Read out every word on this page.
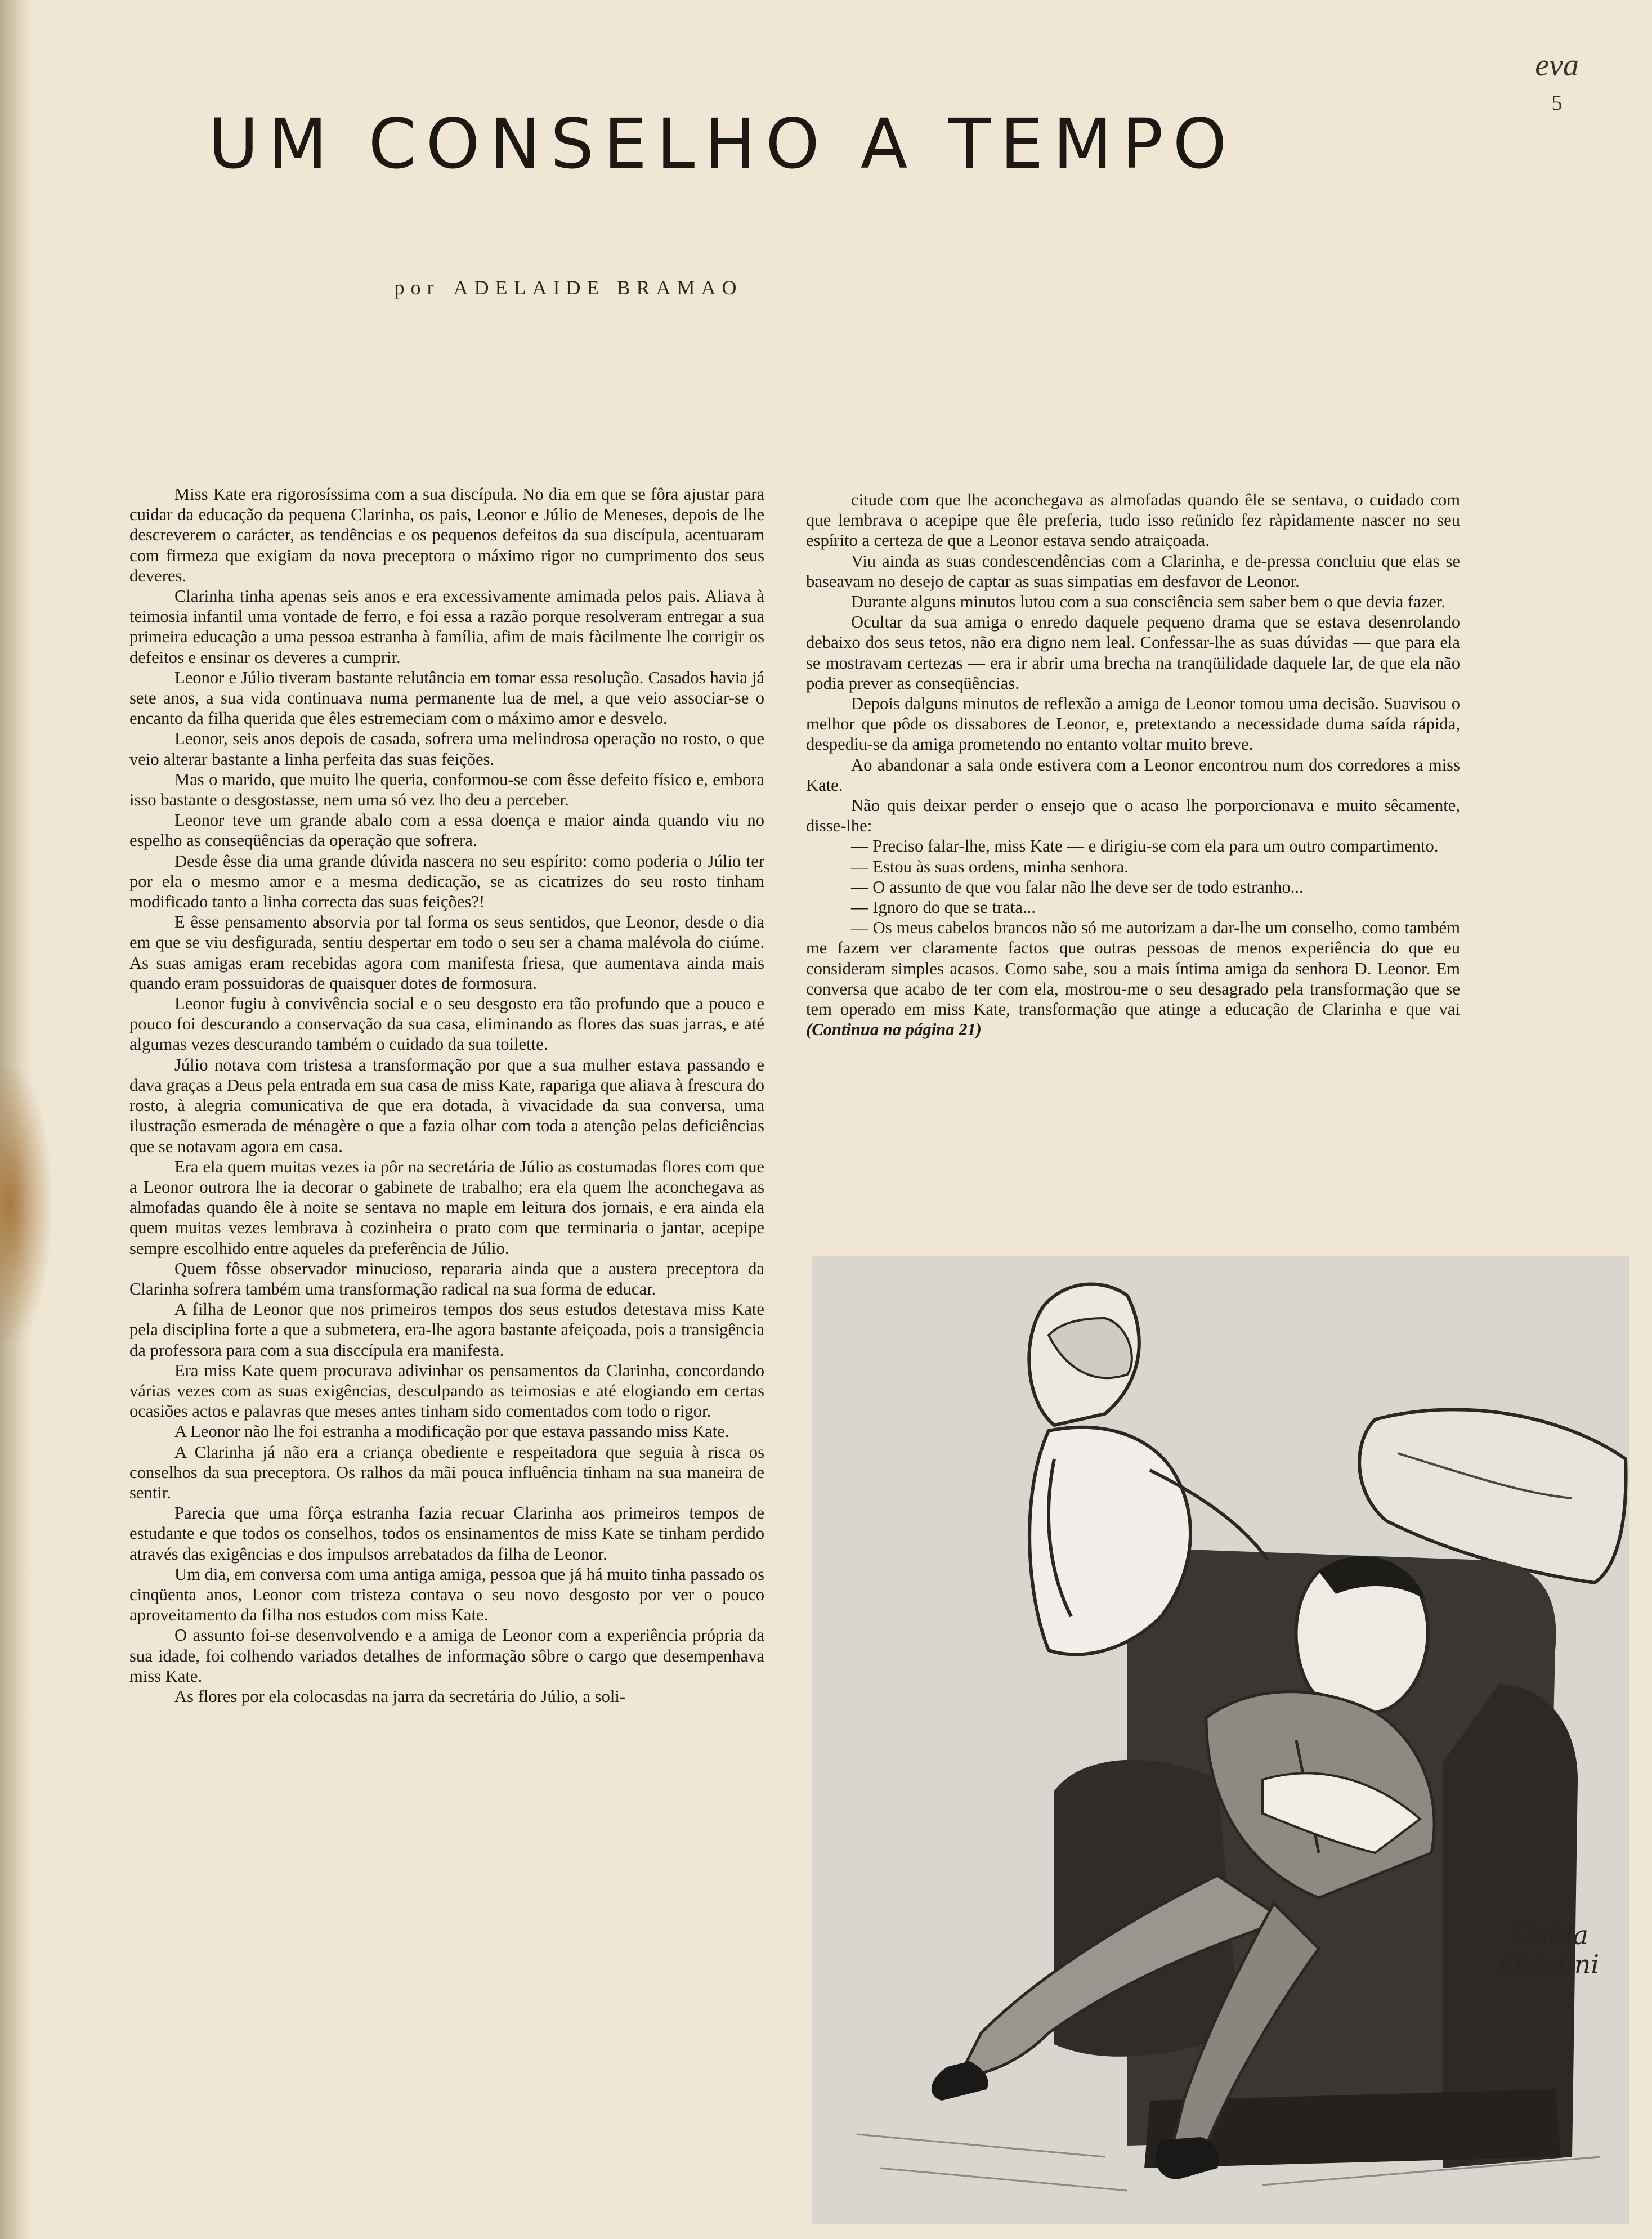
eva
5
UM CONSELHO A TEMPO
por ADELAIDE BRAMAO

Miss Kate era rigorosíssima com a sua discípula. No dia em que se fôra ajustar para cuidar da educação da pequena Clarinha, os pais, Leonor e Júlio de Meneses, depois de lhe descreverem o carácter, as tendências e os pequenos defeitos da sua discípula, acentuaram com firmeza que exigiam da nova preceptora o máximo rigor no cumprimento dos seus deveres.

Clarinha tinha apenas seis anos e era excessivamente amimada pelos pais. Aliava à teimosia infantil uma vontade de ferro, e foi essa a razão porque resolveram entregar a sua primeira educação a uma pessoa estranha à família, afim de mais fàcilmente lhe corrigir os defeitos e ensinar os deveres a cumprir.

Leonor e Júlio tiveram bastante relutância em tomar essa resolução. Casados havia já sete anos, a sua vida continuava numa permanente lua de mel, a que veio associar-se o encanto da filha querida que êles estremeciam com o máximo amor e desvelo.

Leonor, seis anos depois de casada, sofrera uma melindrosa operação no rosto, o que veio alterar bastante a linha perfeita das suas feições.

Mas o marido, que muito lhe queria, conformou-se com êsse defeito físico e, embora isso bastante o desgostasse, nem uma só vez lho deu a perceber.

Leonor teve um grande abalo com a essa doença e maior ainda quando viu no espelho as conseqüências da operação que sofrera.

Desde êsse dia uma grande dúvida nascera no seu espírito: como poderia o Júlio ter por ela o mesmo amor e a mesma dedicação, se as cicatrizes do seu rosto tinham modificado tanto a linha correcta das suas feições?!

E êsse pensamento absorvia por tal forma os seus sentidos, que Leonor, desde o dia em que se viu desfigurada, sentiu despertar em todo o seu ser a chama malévola do ciúme. As suas amigas eram recebidas agora com manifesta friesa, que aumentava ainda mais quando eram possuidoras de quaisquer dotes de formosura.

Leonor fugiu à convivência social e o seu desgosto era tão profundo que a pouco e pouco foi descurando a conservação da sua casa, eliminando as flores das suas jarras, e até algumas vezes descurando também o cuidado da sua toilette.

Júlio notava com tristesa a transformação por que a sua mulher estava passando e dava graças a Deus pela entrada em sua casa de miss Kate, rapariga que aliava à frescura do rosto, à alegria comunicativa de que era dotada, à vivacidade da sua conversa, uma ilustração esmerada de ménagère o que a fazia olhar com toda a atenção pelas deficiências que se notavam agora em casa.

Era ela quem muitas vezes ia pôr na secretária de Júlio as costumadas flores com que a Leonor outrora lhe ia decorar o gabinete de trabalho; era ela quem lhe aconchegava as almofadas quando êle à noite se sentava no maple em leitura dos jornais, e era ainda ela quem muitas vezes lembrava à cozinheira o prato com que terminaria o jantar, acepipe sempre escolhido entre aqueles da preferência de Júlio.

Quem fôsse observador minucioso, repararia ainda que a austera preceptora da Clarinha sofrera também uma transformação radical na sua forma de educar.

A filha de Leonor que nos primeiros tempos dos seus estudos detestava miss Kate pela disciplina forte a que a submetera, era-lhe agora bastante afeiçoada, pois a transigência da professora para com a sua disccípula era manifesta.

Era miss Kate quem procurava adivinhar os pensamentos da Clarinha, concordando várias vezes com as suas exigências, desculpando as teimosias e até elogiando em certas ocasiões actos e palavras que meses antes tinham sido comentados com todo o rigor.

A Leonor não lhe foi estranha a modificação por que estava passando miss Kate.

A Clarinha já não era a criança obediente e respeitadora que seguia à risca os conselhos da sua preceptora. Os ralhos da mãi pouca influência tinham na sua maneira de sentir.

Parecia que uma fôrça estranha fazia recuar Clarinha aos primeiros tempos de estudante e que todos os conselhos, todos os ensinamentos de miss Kate se tinham perdido através das exigências e dos impulsos arrebatados da filha de Leonor.

Um dia, em conversa com uma antiga amiga, pessoa que já há muito tinha passado os cinqüenta anos, Leonor com tristeza contava o seu novo desgosto por ver o pouco aproveitamento da filha nos estudos com miss Kate.

O assunto foi-se desenvolvendo e a amiga de Leonor com a experiência própria da sua idade, foi colhendo variados detalhes de informação sôbre o cargo que desempenhava miss Kate.

As flores por ela colocasdas na jarra da secretária do Júlio, a soli-

citude com que lhe aconchegava as almofadas quando êle se sentava, o cuidado com que lembrava o acepipe que êle preferia, tudo isso reünido fez ràpidamente nascer no seu espírito a certeza de que a Leonor estava sendo atraiçoada.

Viu ainda as suas condescendências com a Clarinha, e de-pressa concluiu que elas se baseavam no desejo de captar as suas simpatias em desfavor de Leonor.

Durante alguns minutos lutou com a sua consciência sem saber bem o que devia fazer.

Ocultar da sua amiga o enredo daquele pequeno drama que se estava desenrolando debaixo dos seus tetos, não era digno nem leal. Confessar-lhe as suas dúvidas — que para ela se mostravam certezas — era ir abrir uma brecha na tranqüilidade daquele lar, de que ela não podia prever as conseqüências.

Depois dalguns minutos de reflexão a amiga de Leonor tomou uma decisão. Suavisou o melhor que pôde os dissabores de Leonor, e, pretextando a necessidade duma saída rápida, despediu-se da amiga prometendo no entanto voltar muito breve.

Ao abandonar a sala onde estivera com a Leonor encontrou num dos corredores a miss Kate.

Não quis deixar perder o ensejo que o acaso lhe porporcionava e muito sêcamente, disse-lhe:

— Preciso falar-lhe, miss Kate — e dirigiu-se com ela para um outro compartimento.

— Estou às suas ordens, minha senhora.

— O assunto de que vou falar não lhe deve ser de todo estranho...

— Ignoro do que se trata...

— Os meus cabelos brancos não só me autorizam a dar-lhe um conselho, como também me fazem ver claramente factos que outras pessoas de menos experiência do que eu consideram simples acasos. Como sabe, sou a mais íntima amiga da senhora D. Leonor. Em conversa que acabo de ter com ela, mostrou-me o seu desagrado pela transformação que se tem operado em miss Kate, transformação que atinge a educação de Clarinha e que vai (Continua na página 21)

Guida Ottolini
